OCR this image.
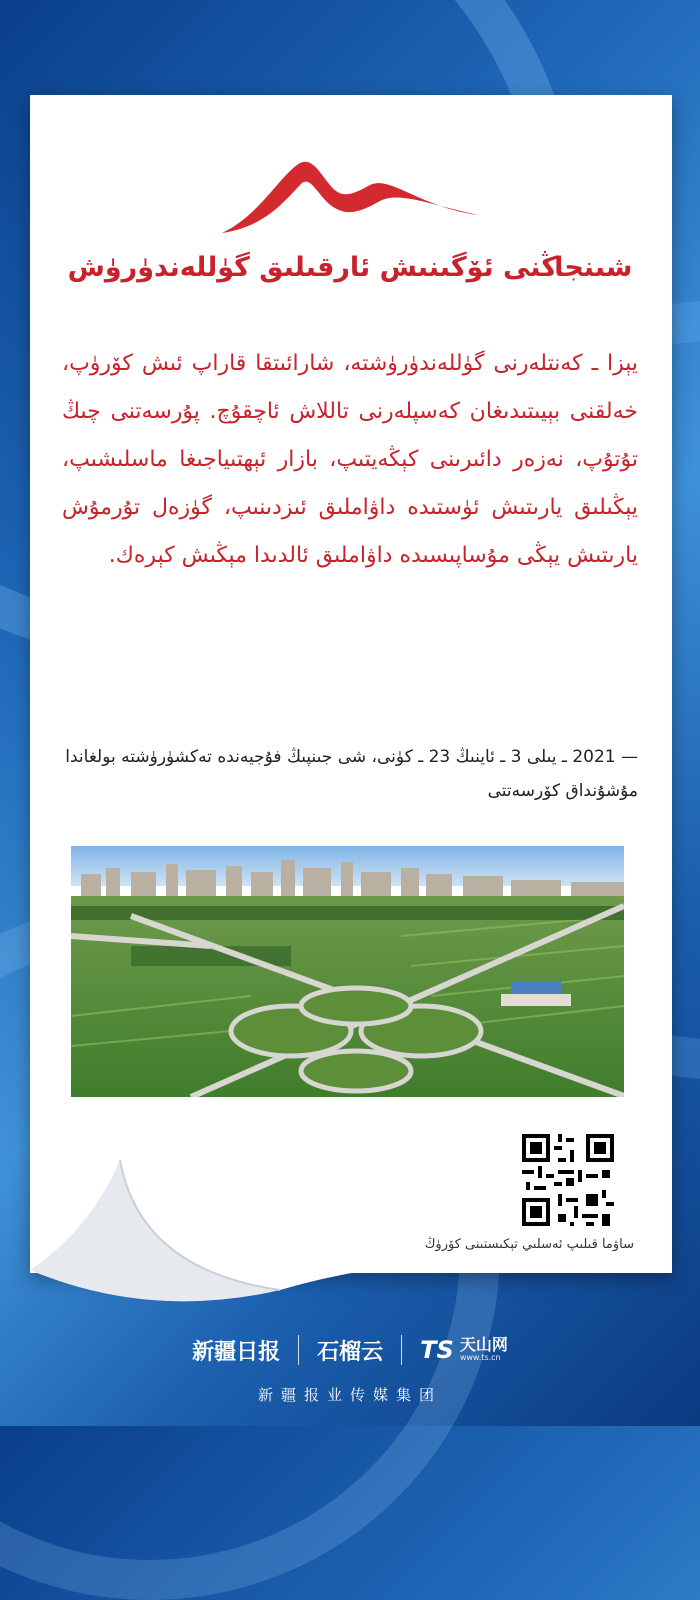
شىنجاڭنى ئۆگىنىش ئارقىلىق گۈللەندۈرۈش
يېزا ـ كەنتلەرنى گۈللەندۈرۈشتە، شارائىتقا قاراپ ئىش كۆرۈپ، خەلقنى بېيىتىدىغان كەسپلەرنى تاللاش ئاچقۇچ. پۇرسەتنى چىڭ تۇتۇپ، نەزەر دائىرىنى كېڭەيتىپ، بازار ئېھتىياجىغا ماسلىشىپ، يېڭىلىق يارىتىش ئۈستىدە داۋاملىق ئىزدىنىپ، گۈزەل تۇرمۇش يارىتىش يېڭى مۇساپىسىدە داۋاملىق ئالدىدا مېڭىش كېرەك.
— 2021 ـ يىلى 3 ـ ئاينىڭ 23 ـ كۈنى، شى جىنپىڭ فۇجيەندە تەكشۈرۈشتە بولغاندا مۇشۇنداق كۆرسەتتى
ساۋما قىلىپ ئەسلىي تېكىستىنى كۆرۈڭ
新疆日报 石榴云 TS 天山网
www.ts.cn
新疆报业传媒集团
